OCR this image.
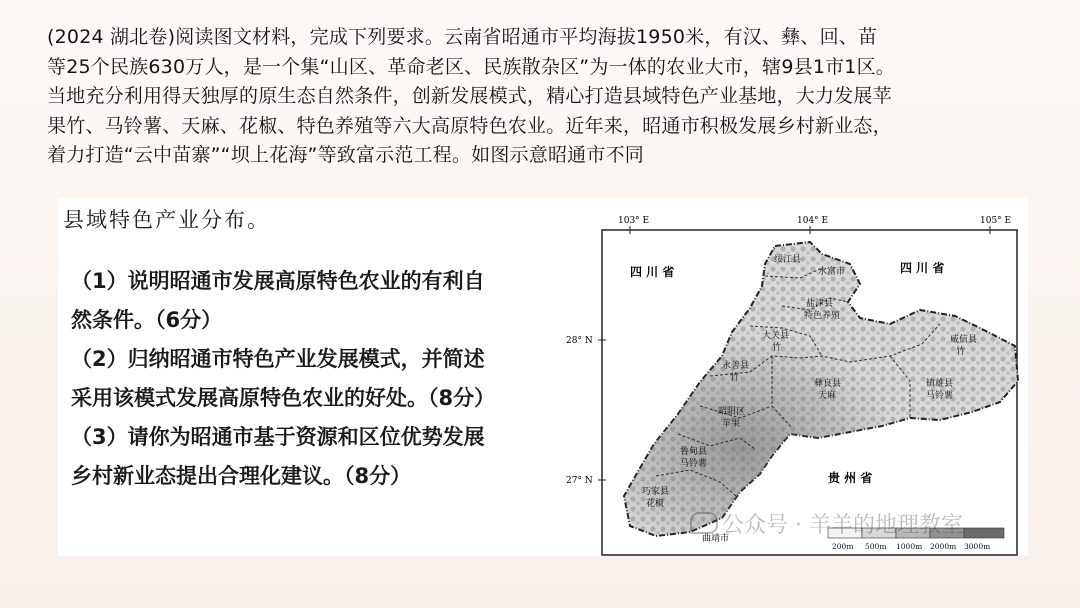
(2024 湖北卷)阅读图文材料，完成下列要求。云南省昭通市平均海拔1950米，有汉、彝、回、苗
等25个民族630万人，是一个集“山区、革命老区、民族散杂区”为一体的农业大市，辖9县1市1区。
当地充分利用得天独厚的原生态自然条件，创新发展模式，精心打造县域特色产业基地，大力发展苹
果竹、马铃薯、天麻、花椒、特色养殖等六大高原特色农业。近年来，昭通市积极发展乡村新业态，
着力打造“云中苗寨”“坝上花海”等致富示范工程。如图示意昭通市不同
县域特色产业分布。
（1）说明昭通市发展高原特色农业的有利自
然条件。（6分）
（2）归纳昭通市特色产业发展模式，并简述
采用该模式发展高原特色农业的好处。（8分）
（3）请你为昭通市基于资源和区位优势发展
乡村新业态提出合理化建议。（8分）
103° E	104° E	105° E
28° N
27° N
四 川 省	四 川 省
贵 州 省
绥江县
水富市
盐津县
特色养殖
大关县
竹
永善县
竹
彝良县
天麻
威信县
竹
镇雄县
马铃薯
昭阳区
苹果
鲁甸县
马铃薯
巧家县
花椒
曲靖市
200m 500m 1000m 2000m 3000m
公众号 · 羊羊的地理教室
